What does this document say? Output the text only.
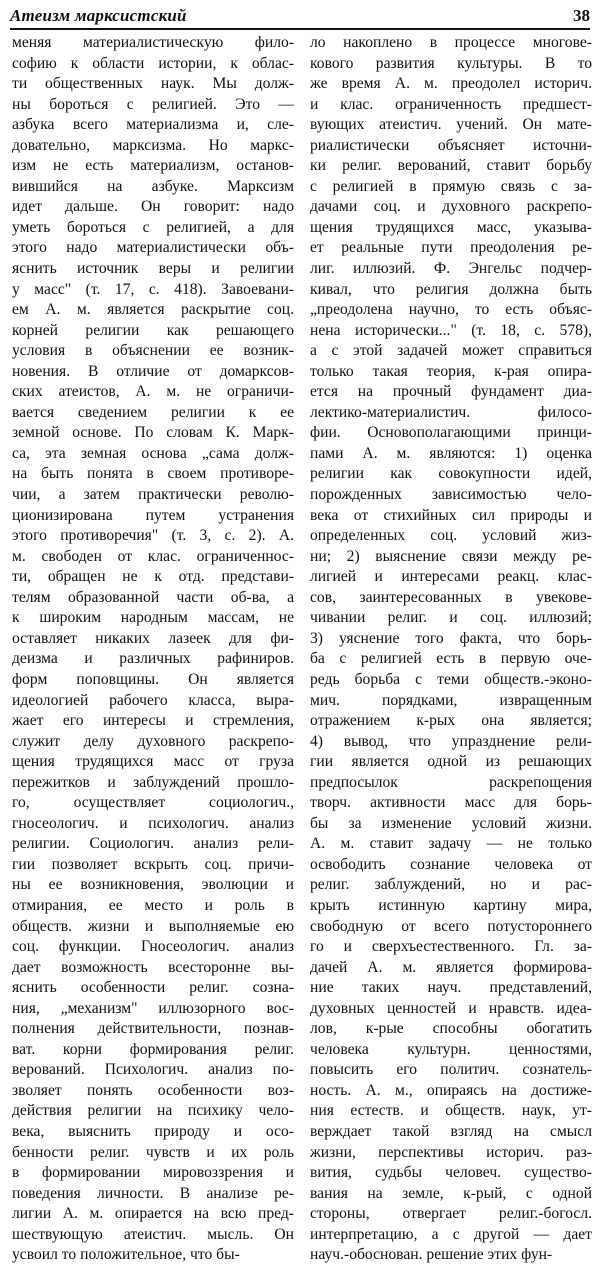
Атеизм марксистский	38
меняя материалистическую фило-
софию к области истории, к облас-
ти общественных наук. Мы долж-
ны бороться с религией. Это —
азбука всего материализма и, сле-
довательно, марксизма. Но маркс-
изм не есть материализм, останов-
вившийся на азбуке. Марксизм
идет дальше. Он говорит: надо
уметь бороться с религией, а для
этого надо материалистически объ-
яснить источник веры и религии
у масс" (т. 17, с. 418). Завоевани-
ем А. м. является раскрытие соц.
корней религии как решающего
условия в объяснении ее возник-
новения. В отличие от домарксов-
ских атеистов, А. м. не ограничи-
вается сведением религии к ее
земной основе. По словам К. Марк-
са, эта земная основа „сама долж-
на быть понята в своем противоре-
чии, а затем практически револю-
ционизирована путем устранения
этого противоречия" (т. 3, с. 2). А.
м. свободен от клас. ограниченнос-
ти, обращен не к отд. представи-
телям образованной части об-ва, а
к широким народным массам, не
оставляет никаких лазеек для фи-
деизма и различных рафиниров.
форм поповщины. Он является
идеологией рабочего класса, выра-
жает его интересы и стремления,
служит делу духовного раскрепо-
щения трудящихся масс от груза
пережитков и заблуждений прошло-
го, осуществляет социологич.,
гносеологич. и психологич. анализ
религии. Социологич. анализ рели-
гии позволяет вскрыть соц. причи-
ны ее возникновения, эволюции и
отмирания, ее место и роль в
обществ. жизни и выполняемые ею
соц. функции. Гносеологич. анализ
дает возможность всесторонне вы-
яснить особенности религ. созна-
ния, „механизм" иллюзорного вос-
полнения действительности, познав-
ват. корни формирования религ.
верований. Психологич. анализ по-
зволяет понять особенности воз-
действия религии на психику чело-
века, выяснить природу и осо-
бенности религ. чувств и их роль
в формировании мировоззрения и
поведения личности. В анализе ре-
лигии А. м. опирается на всю пред-
шествующую атеистич. мысль. Он
усвоил то положительное, что бы-
ло накоплено в процессе многове-
кового развития культуры. В то
же время А. м. преодолел историч.
и клас. ограниченность предшест-
вующих атеистич. учений. Он мате-
риалистически объясняет источни-
ки религ. верований, ставит борьбу
с религией в прямую связь с за-
дачами соц. и духовного раскрепо-
щения трудящихся масс, указыва-
ет реальные пути преодоления ре-
лиг. иллюзий. Ф. Энгельс подчер-
кивал, что религия должна быть
„преодолена научно, то есть объяс-
нена исторически..." (т. 18, с. 578),
а с этой задачей может справиться
только такая теория, к-рая опира-
ется на прочный фундамент диа-
лектико-материалистич. филосо-
фии. Основополагающими принци-
пами А. м. являются: 1) оценка
религии как совокупности идей,
порожденных зависимостью чело-
века от стихийных сил природы и
определенных соц. условий жиз-
ни; 2) выяснение связи между ре-
лигией и интересами реакц. клас-
сов, заинтересованных в увекове-
чивании религ. и соц. иллюзий;
3) уяснение того факта, что борь-
ба с религией есть в первую оче-
редь борьба с теми обществ.-эконо-
мич. порядками, извращенным
отражением к-рых она является;
4) вывод, что упразднение рели-
гии является одной из решающих
предпосылок раскрепощения
творч. активности масс для борь-
бы за изменение условий жизни.
А. м. ставит задачу — не только
освободить сознание человека от
религ. заблуждений, но и рас-
крыть истинную картину мира,
свободную от всего потустороннего
го и сверхъестественного. Гл. за-
дачей А. м. является формирова-
ние таких науч. представлений,
духовных ценностей и нравств. идеа-
лов, к-рые способны обогатить
человека культурн. ценностями,
повысить его политич. сознатель-
ность. А. м., опираясь на достиже-
ния естеств. и обществ. наук, ут-
верждает такой взгляд на смысл
жизни, перспективы историч. раз-
вития, судьбы человеч. существо-
вания на земле, к-рый, с одной
стороны, отвергает религ.-богосл.
интерпретацию, а с другой — дает
науч.-обоснован. решение этих фун-
